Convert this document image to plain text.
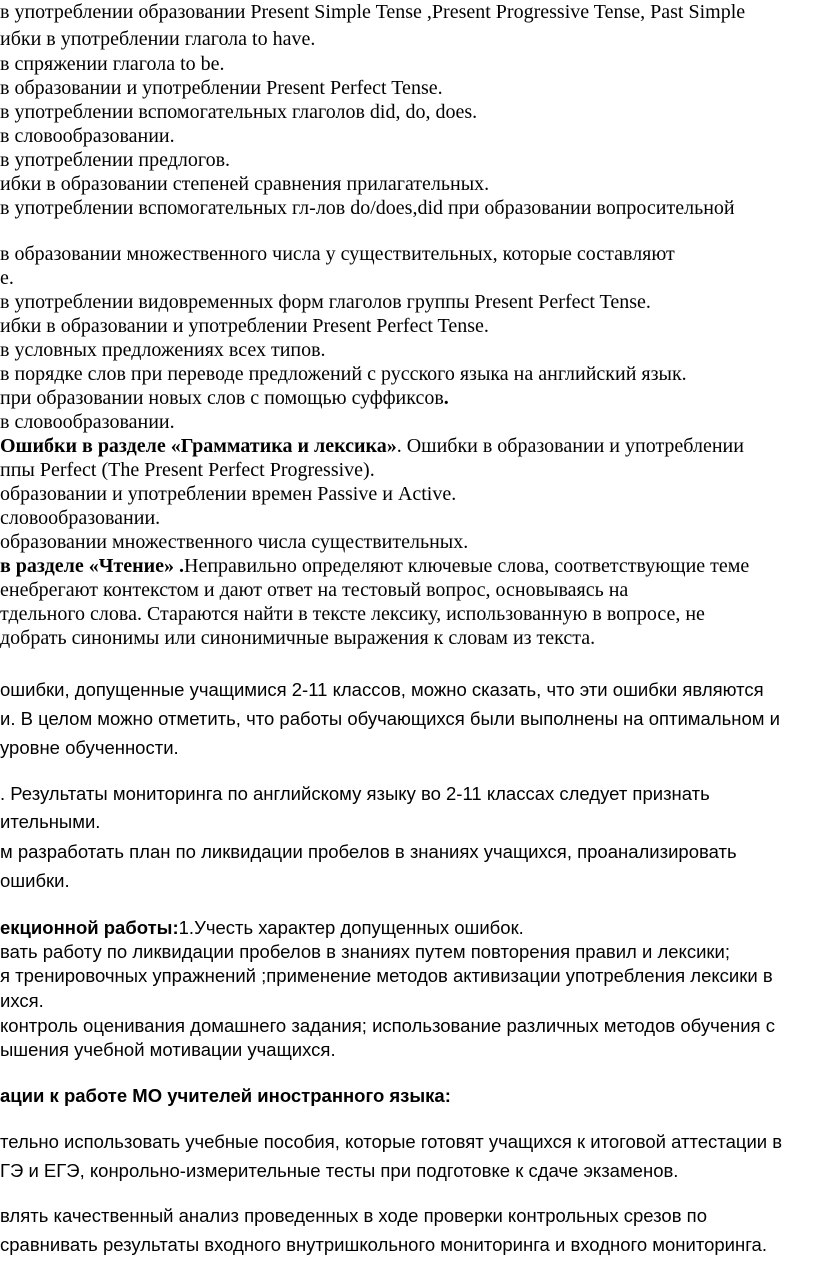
в употреблении образовании Present Simple Tense ,Present Progressive Tense, Past Simple
ибки в употреблении глагола to have.
в спряжении глагола to be.
в образовании и употреблении Present Perfect Tense.
в употреблении вспомогательных глаголов did, do, does.
в словообразовании.
в употреблении предлогов.
ибки в образовании степеней сравнения прилагательных.
в употреблении вспомогательных гл-лов do/does,did при образовании вопросительной
в образовании множественного числа у существительных, которые составляют
е.
в употреблении видовременных форм глаголов группы Present Perfect Tense.
ибки в образовании и употреблении Present Perfect Tense.
в условных предложениях всех типов.
в порядке слов при переводе предложений с русского языка на английский язык.
при образовании новых слов с помощью суффиксов.
в словообразовании.
Ошибки в разделе «Грамматика и лексика». Ошибки в образовании и употреблении
ппы Perfect (The Present Perfect Progressive).
образовании и употреблении времен Passive и Active.
словообразовании.
образовании множественного числа существительных.
в разделе «Чтение» .Неправильно определяют ключевые слова, соответствующие теме
енебрегают контекстом и дают ответ на тестовый вопрос, основываясь на
тдельного слова. Стараются найти в тексте лексику, использованную в вопросе, не
добрать синонимы или синонимичные выражения к словам из текста.
ошибки, допущенные учащимися 2-11 классов, можно сказать, что эти ошибки являются
и. В целом можно отметить, что работы обучающихся были выполнены на оптимальном и
уровне обученности.
. Результаты мониторинга по английскому языку во 2-11 классах следует признать
ительными.
м разработать план по ликвидации пробелов в знаниях учащихся, проанализировать
ошибки.
екционной работы:1.Учесть характер допущенных ошибок.
вать работу по ликвидации пробелов в знаниях путем повторения правил и лексики;
я тренировочных упражнений ;применение методов активизации употребления лексики в
ихся.
контроль оценивания домашнего задания; использование различных методов обучения с
ышения учебной мотивации учащихся.
ации к работе МО учителей иностранного языка:
тельно использовать учебные пособия, которые готовят учащихся к итоговой аттестации в
ГЭ и ЕГЭ, конрольно-измерительные тесты при подготовке к сдаче экзаменов.
влять качественный анализ проведенных в ходе проверки контрольных срезов по
сравнивать результаты входного внутришкольного мониторинга и входного мониторинга.
